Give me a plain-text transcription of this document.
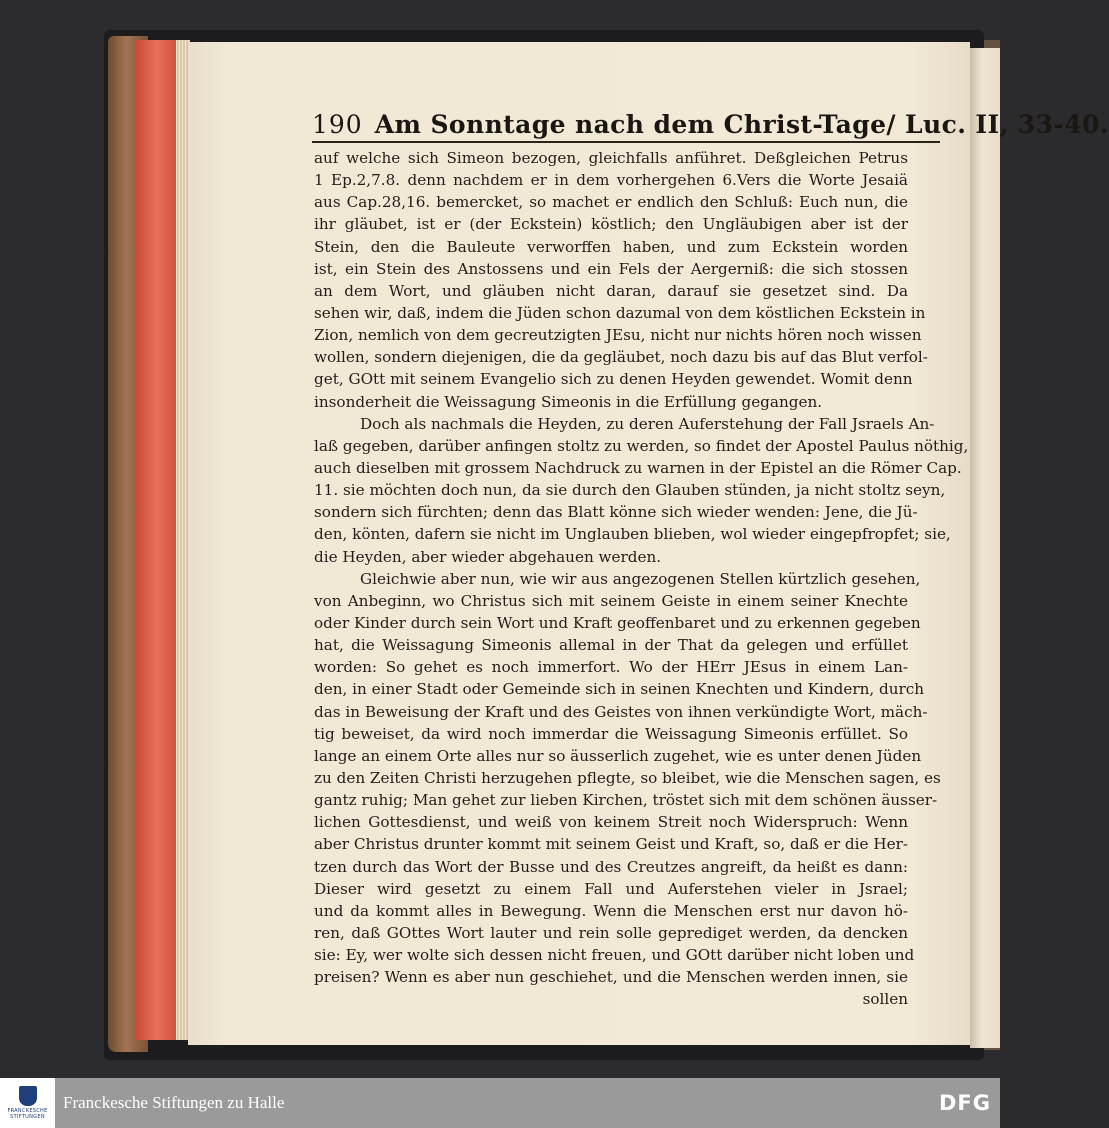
190 Am Sonntage nach dem Christ-Tage/ Luc. II, 33-40.
auf welche sich Simeon bezogen, gleichfalls anführet. Deßgleichen Petrus
1 Ep.2,7.8. denn nachdem er in dem vorhergehen 6.Vers die Worte Jesaiä
aus Cap.28,16. bemercket, so machet er endlich den Schluß: Euch nun, die
ihr gläubet, ist er (der Eckstein) köstlich; den Ungläubigen aber ist der
Stein, den die Bauleute verworffen haben, und zum Eckstein worden
ist, ein Stein des Anstossens und ein Fels der Aergerniß: die sich stossen
an dem Wort, und gläuben nicht daran, darauf sie gesetzet sind. Da
sehen wir, daß, indem die Jüden schon dazumal von dem köstlichen Eckstein in
Zion, nemlich von dem gecreutzigten JEsu, nicht nur nichts hören noch wissen
wollen, sondern diejenigen, die da gegläubet, noch dazu bis auf das Blut verfol-
get, GOtt mit seinem Evangelio sich zu denen Heyden gewendet. Womit denn
insonderheit die Weissagung Simeonis in die Erfüllung gegangen.
Doch als nachmals die Heyden, zu deren Auferstehung der Fall Jsraels An-
laß gegeben, darüber anfingen stoltz zu werden, so findet der Apostel Paulus nöthig,
auch dieselben mit grossem Nachdruck zu warnen in der Epistel an die Römer Cap.
11. sie möchten doch nun, da sie durch den Glauben stünden, ja nicht stoltz seyn,
sondern sich fürchten; denn das Blatt könne sich wieder wenden: Jene, die Jü-
den, könten, dafern sie nicht im Unglauben blieben, wol wieder eingepfropfet; sie,
die Heyden, aber wieder abgehauen werden.
Gleichwie aber nun, wie wir aus angezogenen Stellen kürtzlich gesehen,
von Anbeginn, wo Christus sich mit seinem Geiste in einem seiner Knechte
oder Kinder durch sein Wort und Kraft geoffenbaret und zu erkennen gegeben
hat, die Weissagung Simeonis allemal in der That da gelegen und erfüllet
worden: So gehet es noch immerfort. Wo der HErr JEsus in einem Lan-
den, in einer Stadt oder Gemeinde sich in seinen Knechten und Kindern, durch
das in Beweisung der Kraft und des Geistes von ihnen verkündigte Wort, mäch-
tig beweiset, da wird noch immerdar die Weissagung Simeonis erfüllet. So
lange an einem Orte alles nur so äusserlich zugehet, wie es unter denen Jüden
zu den Zeiten Christi herzugehen pflegte, so bleibet, wie die Menschen sagen, es
gantz ruhig; Man gehet zur lieben Kirchen, tröstet sich mit dem schönen äusser-
lichen Gottesdienst, und weiß von keinem Streit noch Widerspruch: Wenn
aber Christus drunter kommt mit seinem Geist und Kraft, so, daß er die Her-
tzen durch das Wort der Busse und des Creutzes angreift, da heißt es dann:
Dieser wird gesetzt zu einem Fall und Auferstehen vieler in Jsrael;
und da kommt alles in Bewegung. Wenn die Menschen erst nur davon hö-
ren, daß GOttes Wort lauter und rein solle geprediget werden, da dencken
sie: Ey, wer wolte sich dessen nicht freuen, und GOtt darüber nicht loben und
preisen? Wenn es aber nun geschiehet, und die Menschen werden innen, sie
sollen
FRANCKESCHE STIFTUNGEN
Franckesche Stiftungen zu Halle	DFG
